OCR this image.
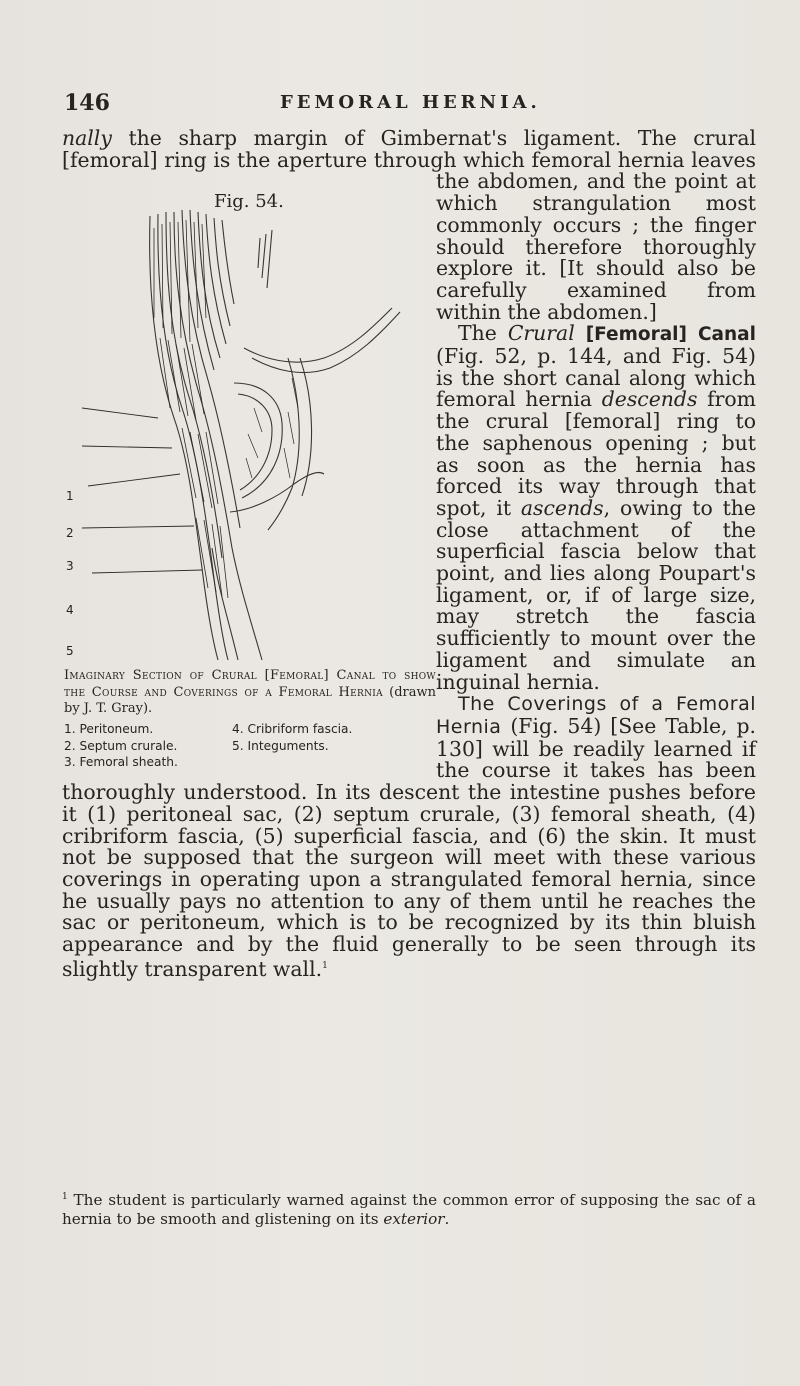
146	FEMORAL HERNIA.
Fig. 54.
1
2
3
4
5
Imaginary Section of Crural [Femoral] Canal to show the Course and Coverings of a Femoral Hernia (drawn by J. T. Gray).
1. Peritoneum.	4. Cribriform fascia.
2. Septum crurale.	5. Integuments.
3. Femoral sheath.

nally the sharp margin of Gimbernat's ligament. The crural [femoral] ring is the aperture through which femoral hernia leaves the abdomen, and the point at which strangulation most commonly occurs ; the finger should therefore thoroughly explore it. [It should also be carefully examined from within the abdomen.]

The Crural [Femoral] Canal (Fig. 52, p. 144, and Fig. 54) is the short canal along which femoral hernia descends from the crural [femoral] ring to the saphenous opening ; but as soon as the hernia has forced its way through that spot, it ascends, owing to the close attachment of the superficial fascia below that point, and lies along Poupart's ligament, or, if of large size, may stretch the fascia sufficiently to mount over the ligament and simulate an inguinal hernia.

The Coverings of a Femoral Hernia (Fig. 54) [See Table, p. 130] will be readily learned if the course it takes has been thoroughly understood. In its descent the intestine pushes before it (1) peritoneal sac, (2) septum crurale, (3) femoral sheath, (4) cribriform fascia, (5) superficial fascia, and (6) the skin. It must not be supposed that the surgeon will meet with these various coverings in operating upon a strangulated femoral hernia, since he usually pays no attention to any of them until he reaches the sac or peritoneum, which is to be recognized by its thin bluish appearance and by the fluid generally to be seen through its slightly transparent wall.$^1$

$^1$ The student is particularly warned against the common error of supposing the sac of a hernia to be smooth and glistening on its exterior.
